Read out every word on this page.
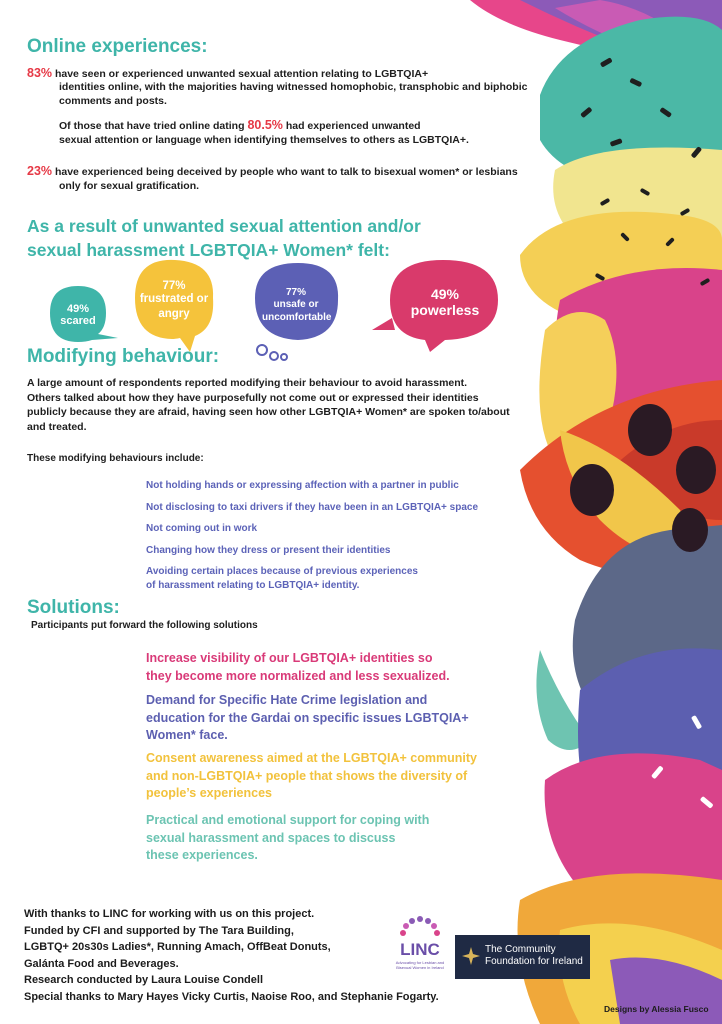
Online experiences:
83% have seen or experienced unwanted sexual attention relating to LGBTQIA+
identities online, with the majorities having witnessed homophobic, transphobic and biphobic
comments and posts.
Of those that have tried online dating 80.5% had experienced unwanted
sexual attention or language when identifying themselves to others as LGBTQIA+.
23% have experienced being deceived by people who want to talk to bisexual women* or lesbians
only for sexual gratification.
As a result of unwanted sexual attention and/or
sexual harassment LGBTQIA+ Women* felt:
49%
scared
77%
frustrated or angry
77%
unsafe or uncomfortable
49%
powerless
Modifying behaviour:
A large amount of respondents reported modifying their behaviour to avoid harassment.
Others talked about how they have purposefully not come out or expressed their identities
publicly because they are afraid, having seen how other LGBTQIA+ Women* are spoken to/about
and treated.
These modifying behaviours include:
Not holding hands or expressing affection with a partner in public
Not disclosing to taxi drivers if they have been in an LGBTQIA+ space
Not coming out in work
Changing how they dress or present their identities
Avoiding certain places because of previous experiences
of harassment relating to LGBTQIA+ identity.
Solutions:
Participants put forward the following solutions
Increase visibility of our LGBTQIA+ identities so
they become more normalized and less sexualized.
Demand for Specific Hate Crime legislation and
education for the Gardai on specific issues LGBTQIA+
Women* face.
Consent awareness aimed at the LGBTQIA+ community
and non-LGBTQIA+ people that shows the diversity of
people’s experiences
Practical and emotional support for coping with
sexual harassment and spaces to discuss
these experiences.
With thanks to LINC for working with us on this project.
Funded by CFI and supported by The Tara Building,
LGBTQ+ 20s30s Ladies*, Running Amach, OffBeat Donuts,
Galánta Food and Beverages.
Research conducted by Laura Louise Condell
Special thanks to Mary Hayes Vicky Curtis, Naoise Roo, and Stephanie Fogarty.
LINC
Advocating for Lesbian and
Bisexual Women in Ireland
The Community
Foundation for Ireland
Designs by Alessia Fusco
